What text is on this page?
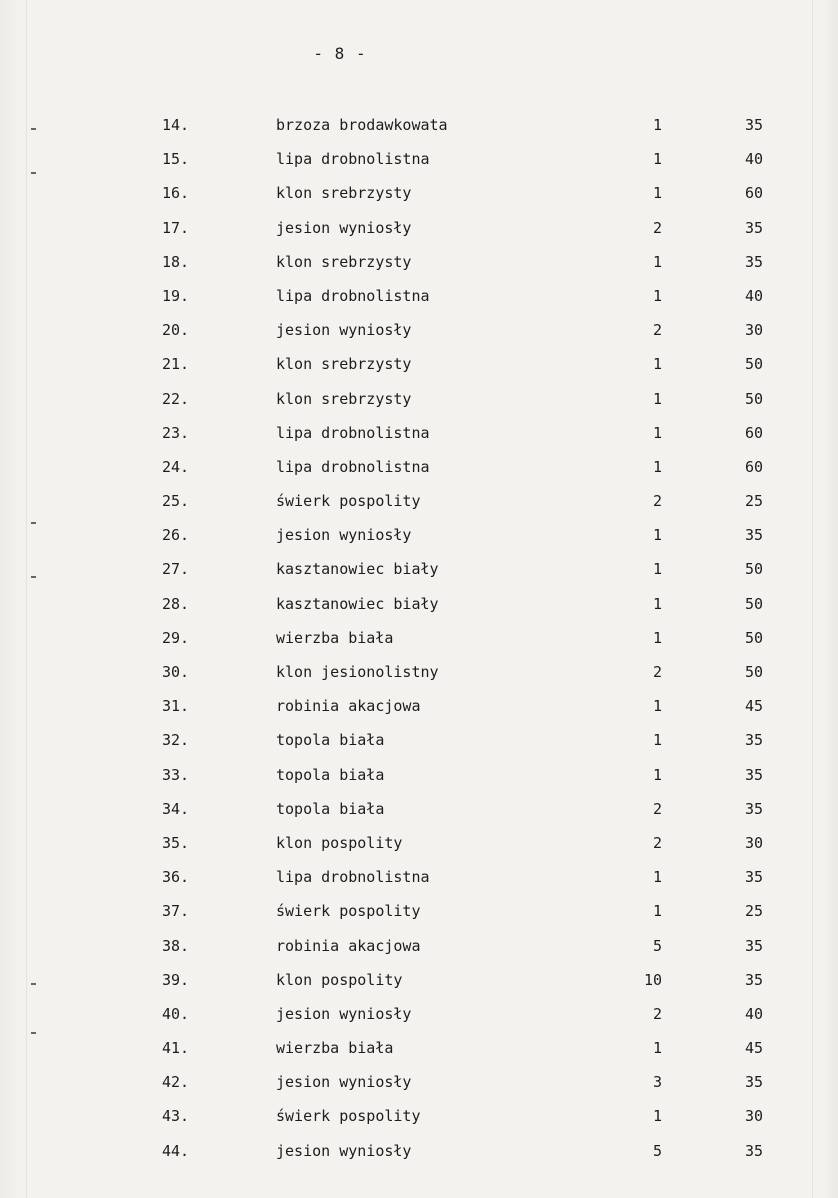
- 8 -
14.	brzoza brodawkowata	1	35
15.	lipa drobnolistna	1	40
16.	klon srebrzysty	1	60
17.	jesion wyniosły	2	35
18.	klon srebrzysty	1	35
19.	lipa drobnolistna	1	40
20.	jesion wyniosły	2	30
21.	klon srebrzysty	1	50
22.	klon srebrzysty	1	50
23.	lipa drobnolistna	1	60
24.	lipa drobnolistna	1	60
25.	świerk pospolity	2	25
26.	jesion wyniosły	1	35
27.	kasztanowiec biały	1	50
28.	kasztanowiec biały	1	50
29.	wierzba biała	1	50
30.	klon jesionolistny	2	50
31.	robinia akacjowa	1	45
32.	topola biała	1	35
33.	topola biała	1	35
34.	topola biała	2	35
35.	klon pospolity	2	30
36.	lipa drobnolistna	1	35
37.	świerk pospolity	1	25
38.	robinia akacjowa	5	35
39.	klon pospolity	10	35
40.	jesion wyniosły	2	40
41.	wierzba biała	1	45
42.	jesion wyniosły	3	35
43.	świerk pospolity	1	30
44.	jesion wyniosły	5	35
